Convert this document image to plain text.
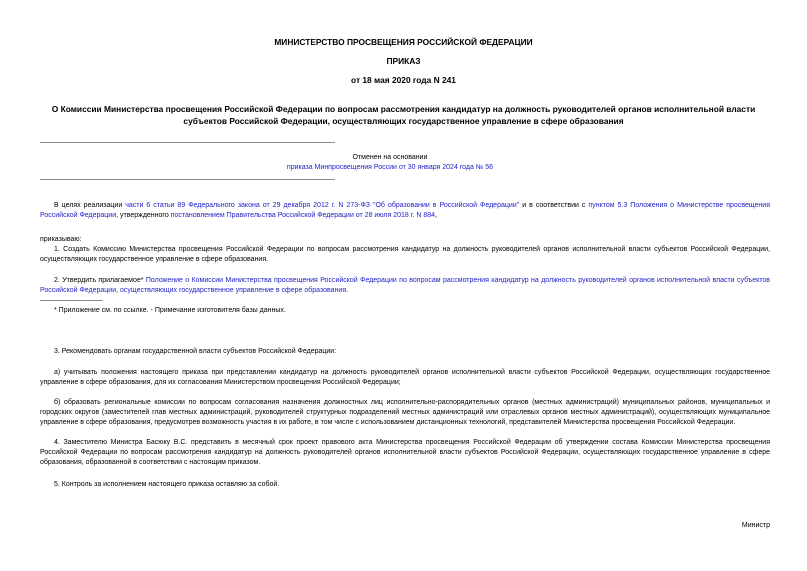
МИНИСТЕРСТВО ПРОСВЕЩЕНИЯ РОССИЙСКОЙ ФЕДЕРАЦИИ
ПРИКАЗ
от 18 мая 2020 года N 241
О Комиссии Министерства просвещения Российской Федерации по вопросам рассмотрения кандидатур на должность руководителей органов исполнительной власти субъектов Российской Федерации, осуществляющих государственное управление в сфере образования
Отменен на основании
приказа Минпросвещения России от 30 января 2024 года № 56
В целях реализации части 6 статьи 89 Федерального закона от 29 декабря 2012 г. N 273-ФЗ "Об образовании в Российской Федерации" и в соответствии с пунктом 5.3 Положения о Министерстве просвещения Российской Федерации, утвержденного постановлением Правительства Российской Федерации от 28 июля 2018 г. N 884,
приказываю:
1. Создать Комиссию Министерства просвещения Российской Федерации по вопросам рассмотрения кандидатур на должность руководителей органов исполнительной власти субъектов Российской Федерации, осуществляющих государственное управление в сфере образования.
2. Утвердить прилагаемое* Положение о Комиссии Министерства просвещения Российской Федерации по вопросам рассмотрения кандидатур на должность руководителей органов исполнительной власти субъектов Российской Федерации, осуществляющих государственное управление в сфере образования.
________________
* Приложение см. по ссылке. - Примечание изготовителя базы данных.
3. Рекомендовать органам государственной власти субъектов Российской Федерации:
а) учитывать положения настоящего приказа при представлении кандидатур на должность руководителей органов исполнительной власти субъектов Российской Федерации, осуществляющих государственное управление в сфере образования, для их согласования Министерством просвещения Российской Федерации;
б) образовать региональные комиссии по вопросам согласования назначения должностных лиц исполнительно-распорядительных органов (местных администраций) муниципальных районов, муниципальных и городских округов (заместителей глав местных администраций, руководителей структурных подразделений местных администраций или отраслевых органов местных администраций), осуществляющих муниципальное управление в сфере образования, предусмотрев возможность участия в их работе, в том числе с использованием дистанционных технологий, представителей Министерства просвещения Российской Федерации.
4. Заместителю Министра Басюку В.С. представить в месячный срок проект правового акта Министерства просвещения Российской Федерации об утверждении состава Комиссии Министерства просвещения Российской Федерации по вопросам рассмотрения кандидатур на должность руководителей органов исполнительной власти субъектов Российской Федерации, осуществляющих государственное управление в сфере образования, образованной в соответствии с настоящим приказом.
5. Контроль за исполнением настоящего приказа оставляю за собой.
Министр
